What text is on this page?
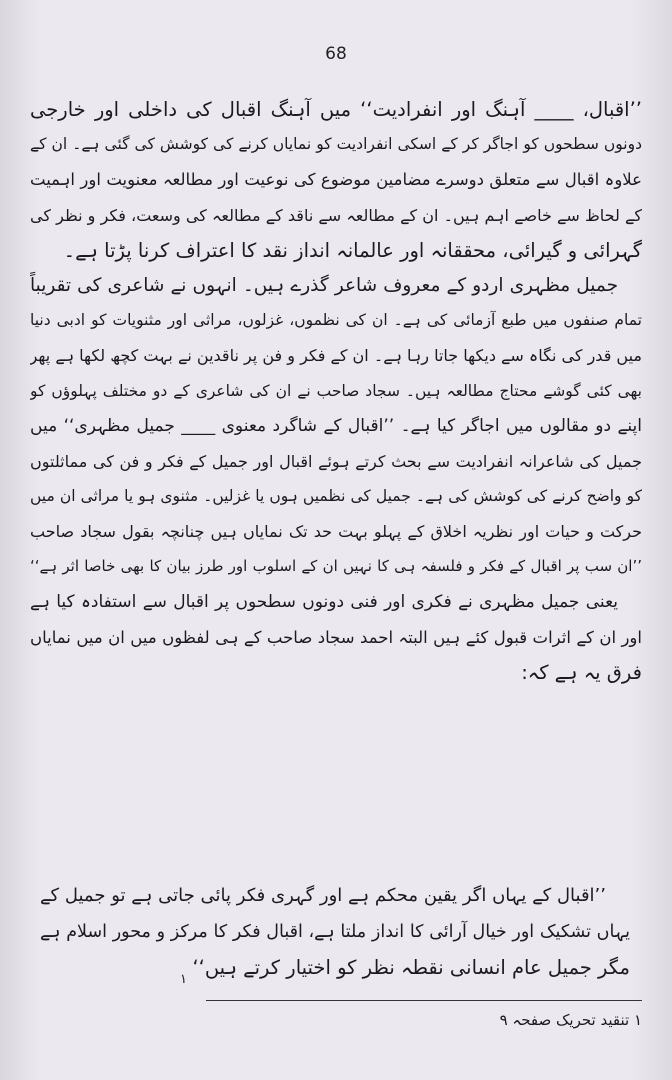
68
’’اقبال، ____ آہنگ اور انفرادیت‘‘ میں آہنگ اقبال کی داخلی اور خارجی
دونوں سطحوں کو اجاگر کر کے اسکی انفرادیت کو نمایاں کرنے کی کوشش کی گئی ہے۔ ان کے
علاوہ اقبال سے متعلق دوسرے مضامین موضوع کی نوعیت اور مطالعہ معنویت اور اہمیت
کے لحاظ سے خاصے اہم ہیں۔ ان کے مطالعہ سے ناقد کے مطالعہ کی وسعت، فکر و نظر کی
گہرائی و گیرائی، محققانہ اور عالمانہ انداز نقد کا اعتراف کرنا پڑتا ہے۔
جمیل مظہری اردو کے معروف شاعر گذرے ہیں۔ انہوں نے شاعری کی تقریباً
تمام صنفوں میں طبع آزمائی کی ہے۔ ان کی نظموں، غزلوں، مراثی اور مثنویات کو ادبی دنیا
میں قدر کی نگاہ سے دیکھا جاتا رہا ہے۔ ان کے فکر و فن پر ناقدین نے بہت کچھ لکھا ہے پھر
بھی کئی گوشے محتاج مطالعہ ہیں۔ سجاد صاحب نے ان کی شاعری کے دو مختلف پہلوؤں کو
اپنے دو مقالوں میں اجاگر کیا ہے۔ ’’اقبال کے شاگرد معنوی ____ جمیل مظہری‘‘ میں
جمیل کی شاعرانہ انفرادیت سے بحث کرتے ہوئے اقبال اور جمیل کے فکر و فن کی مماثلتوں
کو واضح کرنے کی کوشش کی ہے۔ جمیل کی نظمیں ہوں یا غزلیں۔ مثنوی ہو یا مراثی ان میں
حرکت و حیات اور نظریہ اخلاق کے پہلو بہت حد تک نمایاں ہیں چنانچہ بقول سجاد صاحب
’’ان سب پر اقبال کے فکر و فلسفہ ہی کا نہیں ان کے اسلوب اور طرز بیان کا بھی خاصا اثر ہے‘‘
یعنی جمیل مظہری نے فکری اور فنی دونوں سطحوں پر اقبال سے استفادہ کیا ہے
اور ان کے اثرات قبول کئے ہیں البتہ احمد سجاد صاحب کے ہی لفظوں میں ان میں نمایاں
فرق یہ ہے کہ:
’’اقبال کے یہاں اگر یقین محکم ہے اور گہری فکر پائی جاتی ہے تو جمیل کے
یہاں تشکیک اور خیال آرائی کا انداز ملتا ہے، اقبال فکر کا مرکز و محور اسلام ہے
مگر جمیل عام انسانی نقطہ نظر کو اختیار کرتے ہیں‘‘
۱
۱ تنقید تحریک صفحہ ۹
